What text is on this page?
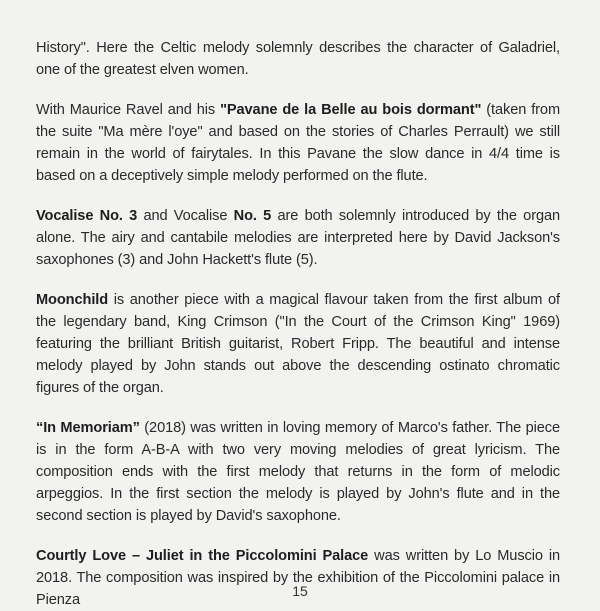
History". Here the Celtic melody solemnly describes the character of Galadriel, one of the greatest elven women.

With Maurice Ravel and his "Pavane de la Belle au bois dormant" (taken from the suite "Ma mère l'oye" and based on the stories of Charles Perrault) we still remain in the world of fairytales. In this Pavane the slow dance in 4/4 time is based on a deceptively simple melody performed on the flute.

Vocalise No. 3 and Vocalise No. 5 are both solemnly introduced by the organ alone. The airy and cantabile melodies are interpreted here by David Jackson's saxophones (3) and John Hackett's flute (5).

Moonchild is another piece with a magical flavour taken from the first album of the legendary band, King Crimson ("In the Court of the Crimson King" 1969) featuring the brilliant British guitarist, Robert Fripp. The beautiful and intense melody played by John stands out above the descending ostinato chromatic figures of the organ.

“In Memoriam” (2018) was written in loving memory of Marco's father. The piece is in the form A-B-A with two very moving melodies of great lyricism. The composition ends with the first melody that returns in the form of melodic arpeggios. In the first section the melody is played by John's flute and in the second section is played by David's saxophone.

Courtly Love – Juliet in the Piccolomini Palace was written by Lo Muscio in 2018. The composition was inspired by the exhibition of the Piccolomini palace in Pienza

15
